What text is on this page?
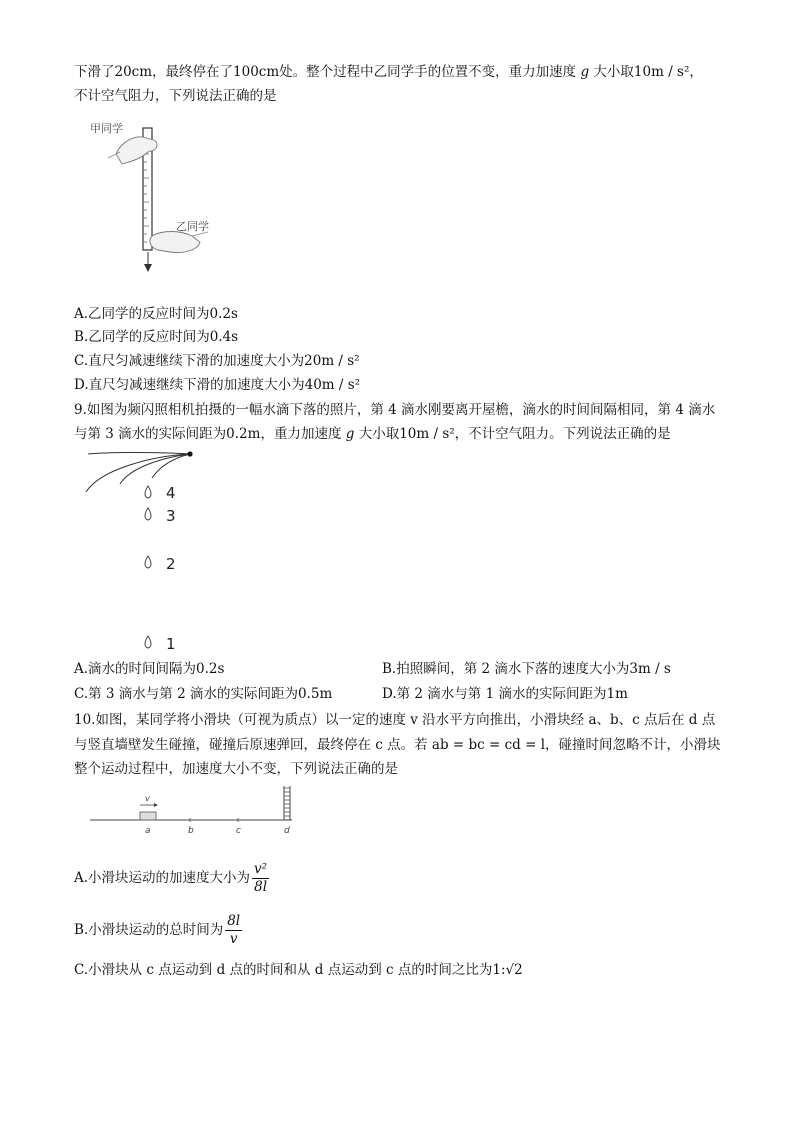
下滑了20cm，最终停在了100cm处。整个过程中乙同学手的位置不变，重力加速度 g 大小取10m / s²，
不计空气阻力，下列说法正确的是
甲同学
乙同学
A.乙同学的反应时间为0.2s
B.乙同学的反应时间为0.4s
C.直尺匀减速继续下滑的加速度大小为20m / s²
D.直尺匀减速继续下滑的加速度大小为40m / s²
9.如图为频闪照相机拍摄的一幅水滴下落的照片，第 4 滴水刚要离开屋檐，滴水的时间间隔相同，第 4 滴水
与第 3 滴水的实际间距为0.2m，重力加速度 g 大小取10m / s²，不计空气阻力。下列说法正确的是
4
3
2
1
A.滴水的时间间隔为0.2s	B.拍照瞬间，第 2 滴水下落的速度大小为3m / s
C.第 3 滴水与第 2 滴水的实际间距为0.5m	D.第 2 滴水与第 1 滴水的实际间距为1m
10.如图，某同学将小滑块（可视为质点）以一定的速度 v 沿水平方向推出，小滑块经 a、b、c 点后在 d 点
与竖直墙壁发生碰撞，碰撞后原速弹回，最终停在 c 点。若 ab = bc = cd = l，碰撞时间忽略不计，小滑块
整个运动过程中，加速度大小不变，下列说法正确的是
v
a	b	c	d
A.小滑块运动的加速度大小为 $\frac{\text{v²}}{8l}$
B.小滑块运动的总时间为 $\frac{8l}{v}$
C.小滑块从 c 点运动到 d 点的时间和从 d 点运动到 c 点的时间之比为1:√2
